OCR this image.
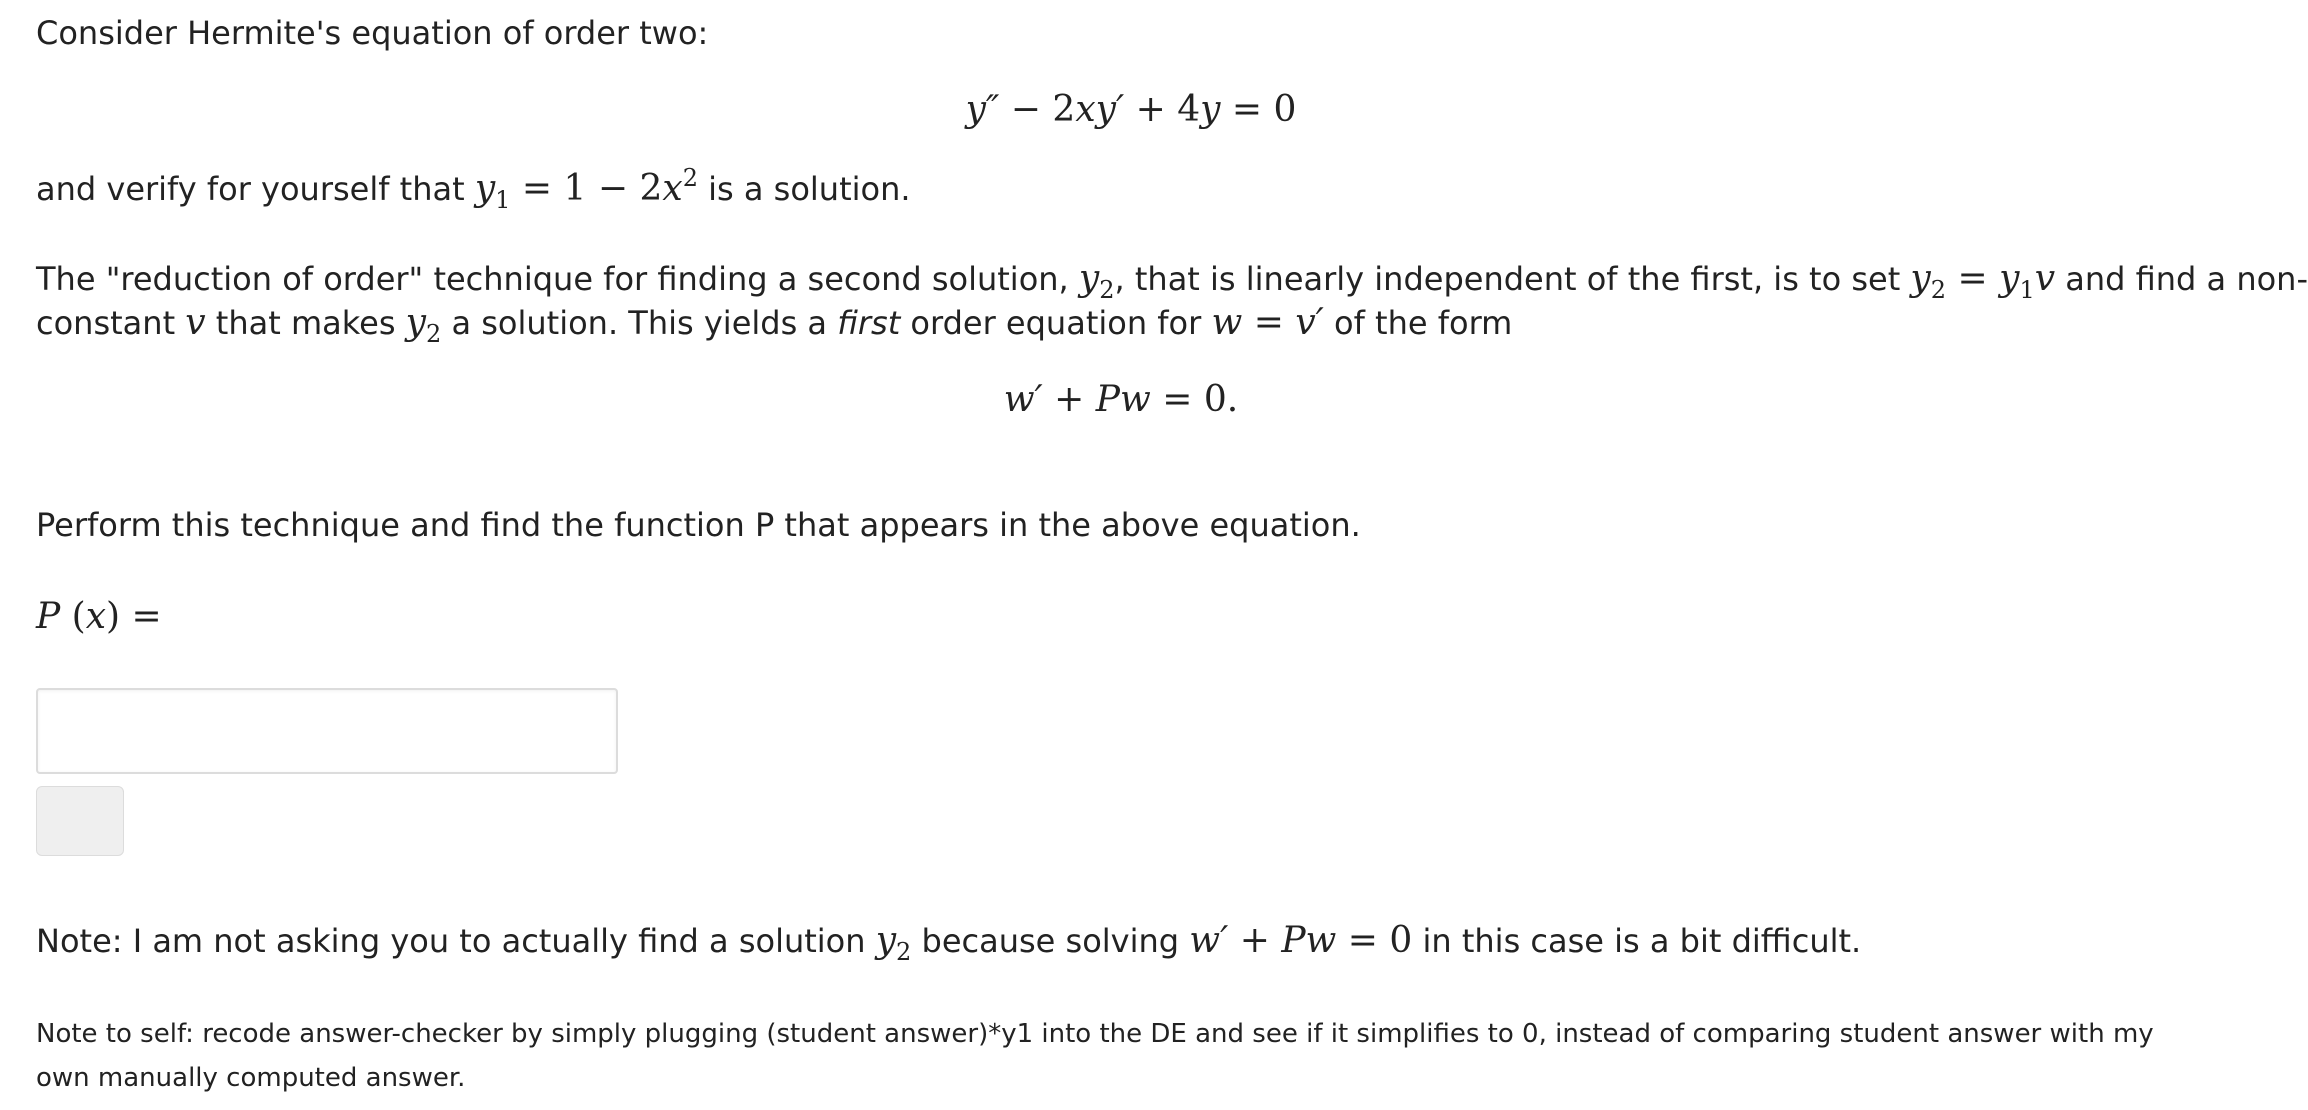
Consider Hermite's equation of order two:
y″ − 2xy′ + 4y = 0
and verify for yourself that $y_1 = 1 - 2x^2$ is a solution.
The "reduction of order" technique for finding a second solution, $y_2$, that is linearly independent of the first, is to set $y_2 = y_1v$ and find a non-
constant v that makes $y_2$ a solution. This yields a first order equation for w = v′ of the form
w′ + Pw = 0.
Perform this technique and find the function P that appears in the above equation.
P (x) =
Note: I am not asking you to actually find a solution $y_2$ because solving w′ + Pw = 0 in this case is a bit difficult.
Note to self: recode answer-checker by simply plugging (student answer)*y1 into the DE and see if it simplifies to 0, instead of comparing student answer with my own manually computed answer.
